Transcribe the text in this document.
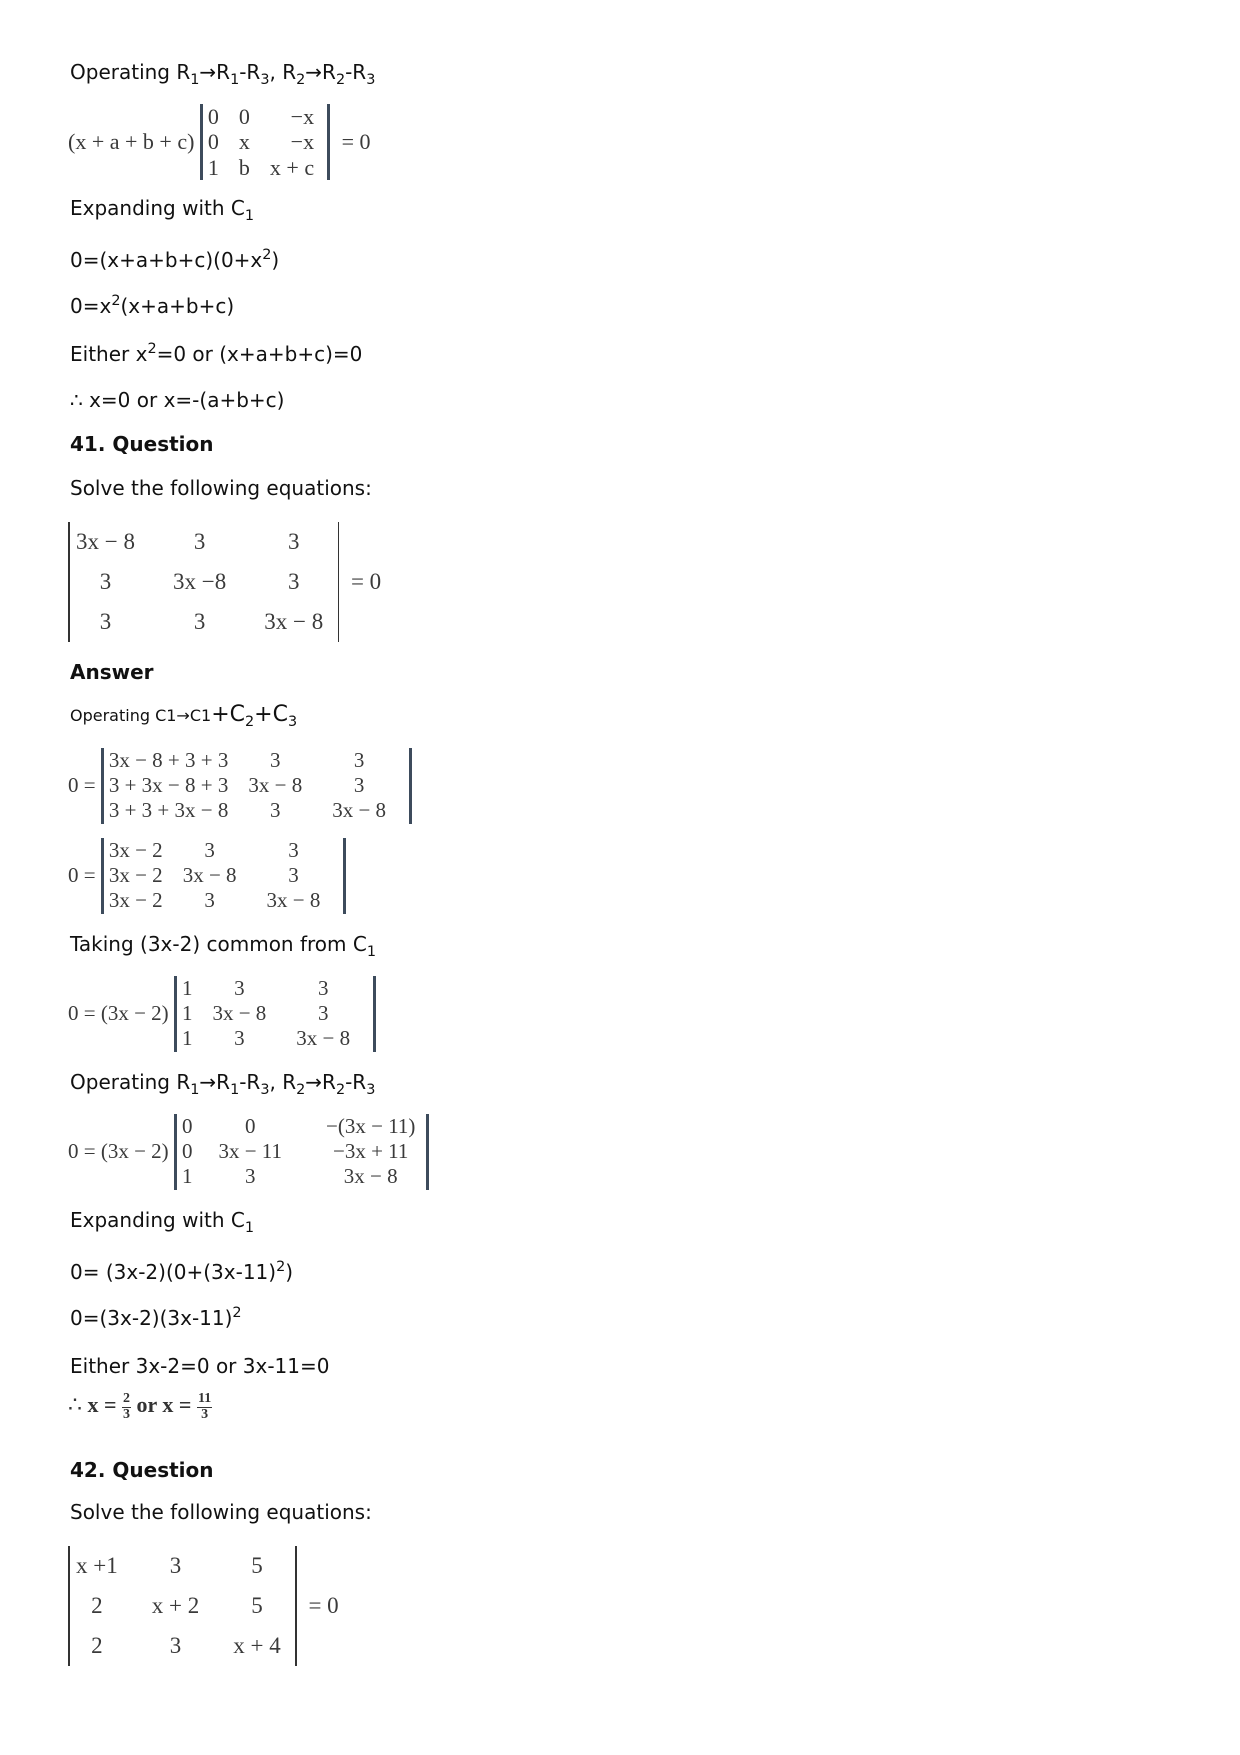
Operating $R_1\to R_1-R_3$, $R_2\to R_2-R_3$
(x + a + b + c)
0	0	−x
0	x	−x
1	b	x + c
= 0
Expanding with $C_1$
$0=(x+a+b+c)(0+x^2)$
$0=x^2(x+a+b+c)$
Either $x^2=0$ or (x+a+b+c)=0
∴ x=0 or x=-(a+b+c)
41. Question
Solve the following equations:
3x − 8	3	3
3	3x −8	3
3	3	3x − 8
= 0
Answer
Operating $C1\to C1+C_2+C_3$
0 =
3x − 8 + 3 + 3	3	3
3 + 3x − 8 + 3	3x − 8	3
3 + 3 + 3x − 8	3	3x − 8
0 =
3x − 2	3	3
3x − 2	3x − 8	3
3x − 2	3	3x − 8
Taking (3x-2) common from $C_1$
0 = (3x − 2)
1	3	3
1	3x − 8	3
1	3	3x − 8
Operating $R_1\to R_1-R_3$, $R_2\to R_2-R_3$
0 = (3x − 2)
0	0	−(3x − 11)
0	3x − 11	−3x + 11
1	3	3x − 8
Expanding with $C_1$
$0= (3x-2)(0+(3x-11)^2)$
$0=(3x-2)(3x-11)^2$
Either 3x-2=0 or 3x-11=0
∴ $x = \frac{2}{3}$ or $x = \frac{11}{3}$
42. Question
Solve the following equations:
x +1	3	5
2	x + 2	5
2	3	x + 4
= 0
